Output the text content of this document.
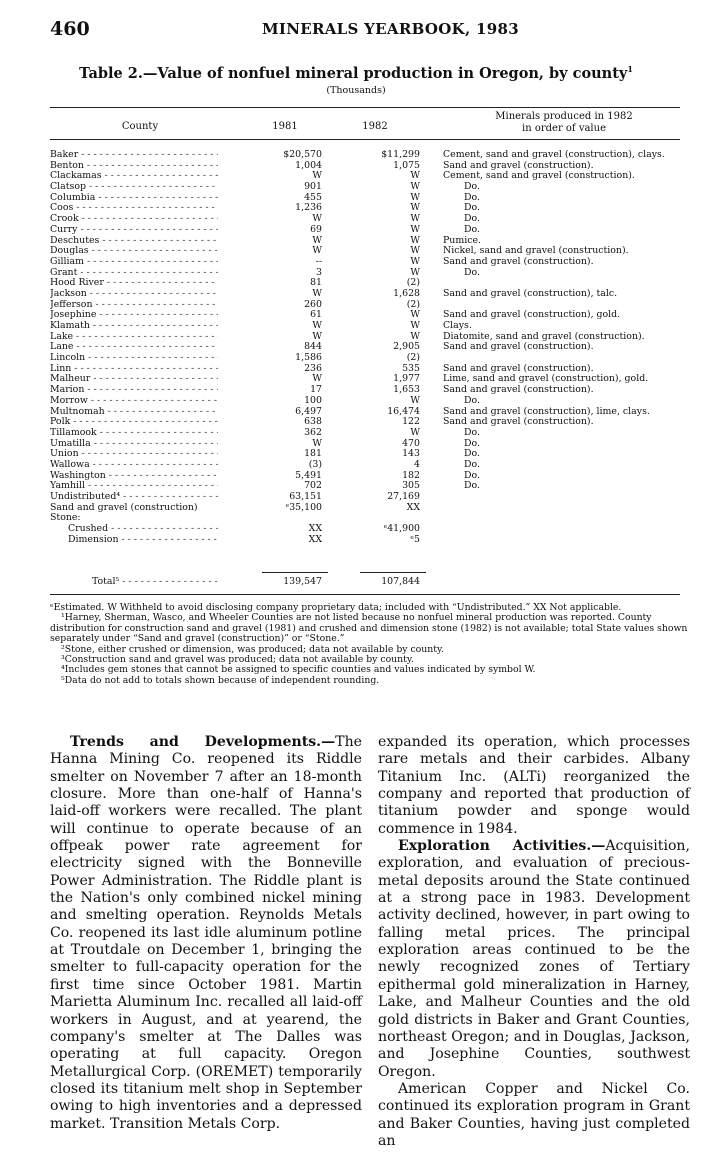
460	MINERALS YEARBOOK, 1983
Table 2.—Value of nonfuel mineral production in Oregon, by county$^1$
(Thousands)
County	1981	1982
Minerals produced in 1982
in order of value
Baker - - -	$20,570	$11,299 Cement, sand and gravel (construction), clays.
Benton - - -	1,004	1,075 Sand and gravel (construction).
Clackamas - - -	W	W Cement, sand and gravel (construction).
Clatsop - - -	901	W	Do.
Columbia - - -	455	W	Do.
Coos - - -	1,236	W	Do.
Crook - - -	W	W	Do.
Curry - - -	69	W	Do.
Deschutes - - -	W	W Pumice.
Douglas - - -	W	W Nickel, sand and gravel (construction).
Gilliam - - -	--	W Sand and gravel (construction).
Grant - - -	3	W	Do.
Hood River - - -	81	(2)
Jackson - - -	W	1,628 Sand and gravel (construction), talc.
Jefferson - - -	260	(2)
Josephine - - -	61	W Sand and gravel (construction), gold.
Klamath - - -	W	W Clays.
Lake - - -	W	W Diatomite, sand and gravel (construction).
Lane - - -	844	2,905 Sand and gravel (construction).
Lincoln - - -	1,586	(2)
Linn - - -	236	535 Sand and gravel (construction).
Malheur - - -	W	1,977 Lime, sand and gravel (construction), gold.
Marion - - -	17	1,653 Sand and gravel (construction).
Morrow - - -	100	W	Do.
Multnomah - - -	6,497	16,474 Sand and gravel (construction), lime, clays.
Polk - - -	638	122 Sand and gravel (construction).
Tillamook - - -	362	W	Do.
Umatilla - - -	W	470	Do.
Union - - -	181	143	Do.
Wallowa - - -	(3)	4	Do.
Washington - - -	5,491	182	Do.
Yamhill - - -	702	305	Do.
Undistributed⁴ - - -	63,151	27,169
Sand and gravel (construction)	ᵉ35,100	XX
Stone:
Crushed - - -	XX	ᵉ41,900
Dimension - - -	XX	ᵉ5
Total⁵ - - -	139,547	107,844

ᵉEstimated. W Withheld to avoid disclosing company proprietary data; included with “Undistributed.” XX Not applicable.

¹Harney, Sherman, Wasco, and Wheeler Counties are not listed because no nonfuel mineral production was reported. County distribution for construction sand and gravel (1981) and crushed and dimension stone (1982) is not available; total State values shown separately under “Sand and gravel (construction)” or “Stone.”

²Stone, either crushed or dimension, was produced; data not available by county.

³Construction sand and gravel was produced; data not available by county.

⁴Includes gem stones that cannot be assigned to specific counties and values indicated by symbol W.

⁵Data do not add to totals shown because of independent rounding.

Trends and Developments.—The Hanna Mining Co. reopened its Riddle smelter on November 7 after an 18-month closure. More than one-half of Hanna's laid-off workers were recalled. The plant will continue to operate because of an offpeak power rate agreement for electricity signed with the Bonneville Power Administration. The Riddle plant is the Nation's only combined nickel mining and smelting operation. Reynolds Metals Co. reopened its last idle aluminum potline at Troutdale on December 1, bringing the smelter to full-capacity operation for the first time since October 1981. Martin Marietta Aluminum Inc. recalled all laid-off workers in August, and at yearend, the company's smelter at The Dalles was operating at full capacity. Oregon Metallurgical Corp. (OREMET) temporarily closed its titanium melt shop in September owing to high inventories and a depressed market. Transition Metals Corp.

expanded its operation, which processes rare metals and their carbides. Albany Titanium Inc. (ALTi) reorganized the company and reported that production of titanium powder and sponge would commence in 1984.

Exploration Activities.—Acquisition, exploration, and evaluation of precious-metal deposits around the State continued at a strong pace in 1983. Development activity declined, however, in part owing to falling metal prices. The principal exploration areas continued to be the newly recognized zones of Tertiary epithermal gold mineralization in Harney, Lake, and Malheur Counties and the old gold districts in Baker and Grant Counties, northeast Oregon; and in Douglas, Jackson, and Josephine Counties, southwest Oregon.

American Copper and Nickel Co. continued its exploration program in Grant and Baker Counties, having just completed an
